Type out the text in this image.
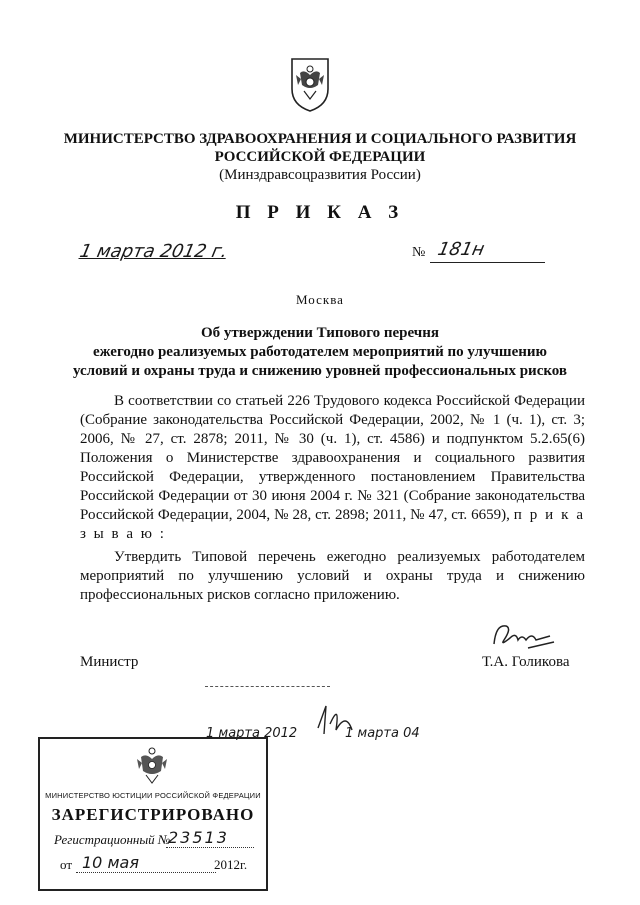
МИНИСТЕРСТВО ЗДРАВООХРАНЕНИЯ И СОЦИАЛЬНОГО РАЗВИТИЯ
РОССИЙСКОЙ ФЕДЕРАЦИИ
(Минздравсоцразвития России)
П Р И К А З
1 марта 2012 г.	№ 181н
Москва
Об утверждении Типового перечня
ежегодно реализуемых работодателем мероприятий по улучшению
условий и охраны труда и снижению уровней профессиональных рисков
В соответствии со статьей 226 Трудового кодекса Российской Федерации (Собрание законодательства Российской Федерации, 2002, № 1 (ч. 1), ст. 3; 2006, № 27, ст. 2878; 2011, № 30 (ч. 1), ст. 4586) и подпунктом 5.2.65(6) Положения о Министерстве здравоохранения и социального развития Российской Федерации, утвержденного постановлением Правительства Российской Федерации от 30 июня 2004 г. № 321 (Собрание законодательства Российской Федерации, 2004, № 28, ст. 2898; 2011, № 47, ст. 6659), п р и к а з ы в а ю :
Утвердить Типовой перечень ежегодно реализуемых работодателем мероприятий по улучшению условий и охраны труда и снижению профессиональных рисков согласно приложению.
Министр	Т.А. Голикова
1 марта 2012	1 марта 04
МИНИСТЕРСТВО ЮСТИЦИИ РОССИЙСКОЙ ФЕДЕРАЦИИ
ЗАРЕГИСТРИРОВАНО
Регистрационный №
23513
от 10 мая	2012г.
